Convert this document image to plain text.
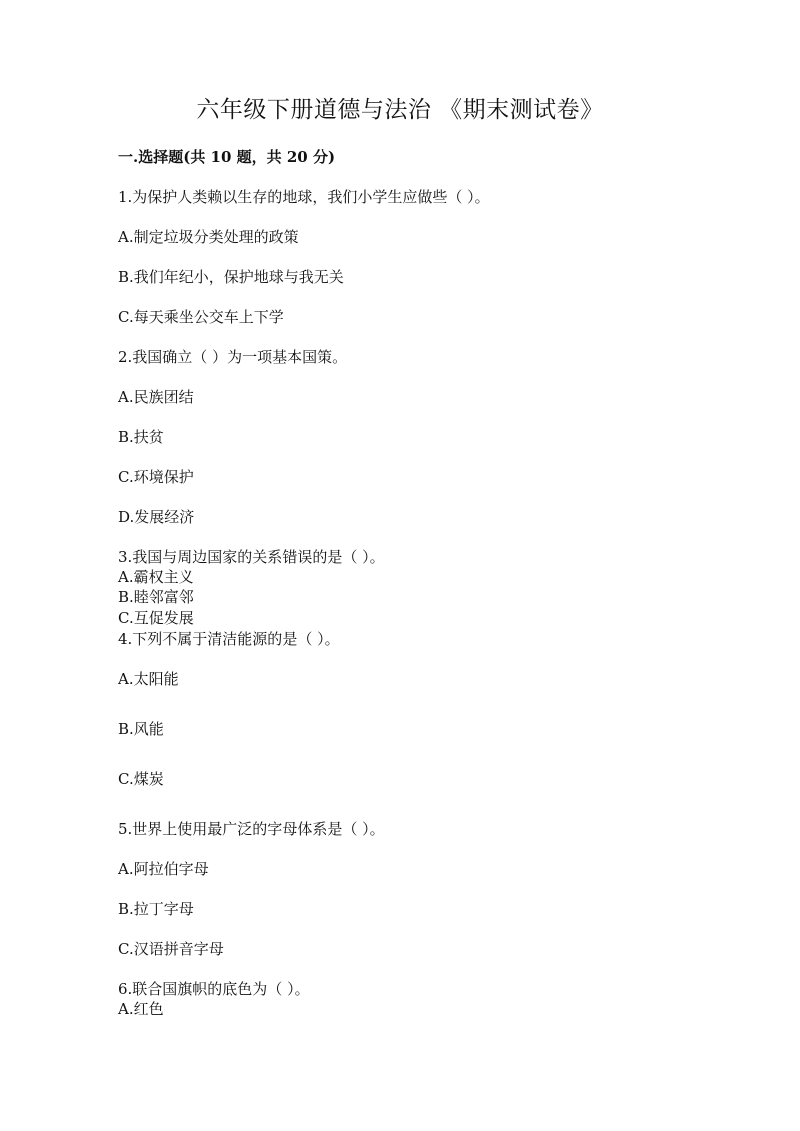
六年级下册道德与法治 《期末测试卷》
一.选择题(共 10 题，共 20 分)
1.为保护人类赖以生存的地球，我们小学生应做些（ ）。
A.制定垃圾分类处理的政策
B.我们年纪小，保护地球与我无关
C.每天乘坐公交车上下学
2.我国确立（ ）为一项基本国策。
A.民族团结
B.扶贫
C.环境保护
D.发展经济
3.我国与周边国家的关系错误的是（ ）。
A.霸权主义
B.睦邻富邻
C.互促发展
4.下列不属于清洁能源的是（ ）。
A.太阳能
B.风能
C.煤炭
5.世界上使用最广泛的字母体系是（ ）。
A.阿拉伯字母
B.拉丁字母
C.汉语拼音字母
6.联合国旗帜的底色为（ ）。
A.红色
